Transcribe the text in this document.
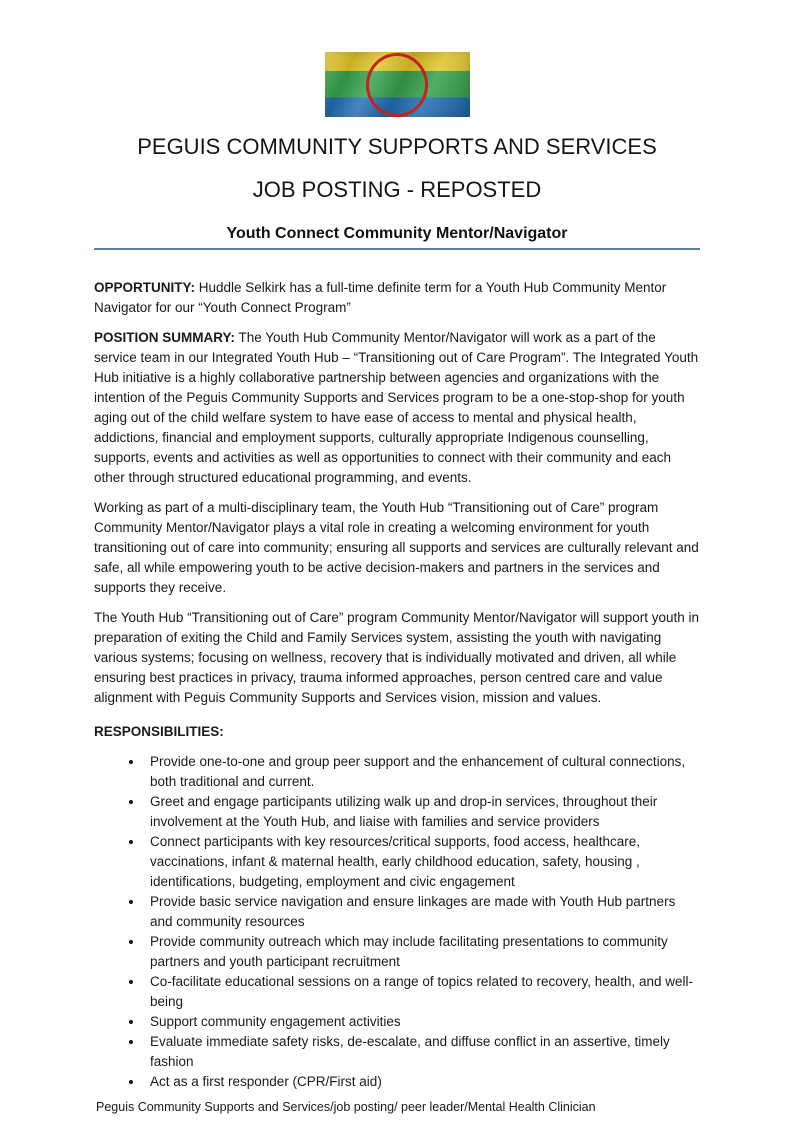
PEGUIS COMMUNITY SUPPORTS AND SERVICES
JOB POSTING - REPOSTED
Youth Connect Community Mentor/Navigator

OPPORTUNITY: Huddle Selkirk has a full-time definite term for a Youth Hub Community Mentor Navigator for our “Youth Connect Program”

POSITION SUMMARY: The Youth Hub Community Mentor/Navigator will work as a part of the service team in our Integrated Youth Hub – “Transitioning out of Care Program”. The Integrated Youth Hub initiative is a highly collaborative partnership between agencies and organizations with the intention of the Peguis Community Supports and Services program to be a one-stop-shop for youth aging out of the child welfare system to have ease of access to mental and physical health, addictions, financial and employment supports, culturally appropriate Indigenous counselling, supports, events and activities as well as opportunities to connect with their community and each other through structured educational programming, and events.

Working as part of a multi-disciplinary team, the Youth Hub “Transitioning out of Care” program Community Mentor/Navigator plays a vital role in creating a welcoming environment for youth transitioning out of care into community; ensuring all supports and services are culturally relevant and safe, all while empowering youth to be active decision-makers and partners in the services and supports they receive.

The Youth Hub “Transitioning out of Care” program Community Mentor/Navigator will support youth in preparation of exiting the Child and Family Services system, assisting the youth with navigating various systems; focusing on wellness, recovery that is individually motivated and driven, all while ensuring best practices in privacy, trauma informed approaches, person centred care and value alignment with Peguis Community Supports and Services vision, mission and values.

RESPONSIBILITIES:

• Provide one-to-one and group peer support and the enhancement of cultural connections, both traditional and current.
• Greet and engage participants utilizing walk up and drop-in services, throughout their involvement at the Youth Hub, and liaise with families and service providers
• Connect participants with key resources/critical supports, food access, healthcare, vaccinations, infant & maternal health, early childhood education, safety, housing , identifications, budgeting, employment and civic engagement
• Provide basic service navigation and ensure linkages are made with Youth Hub partners and community resources
• Provide community outreach which may include facilitating presentations to community partners and youth participant recruitment
• Co-facilitate educational sessions on a range of topics related to recovery, health, and well-being
• Support community engagement activities
• Evaluate immediate safety risks, de-escalate, and diffuse conflict in an assertive, timely fashion
• Act as a first responder (CPR/First aid)
Peguis Community Supports and Services/job posting/ peer leader/Mental Health Clinician
